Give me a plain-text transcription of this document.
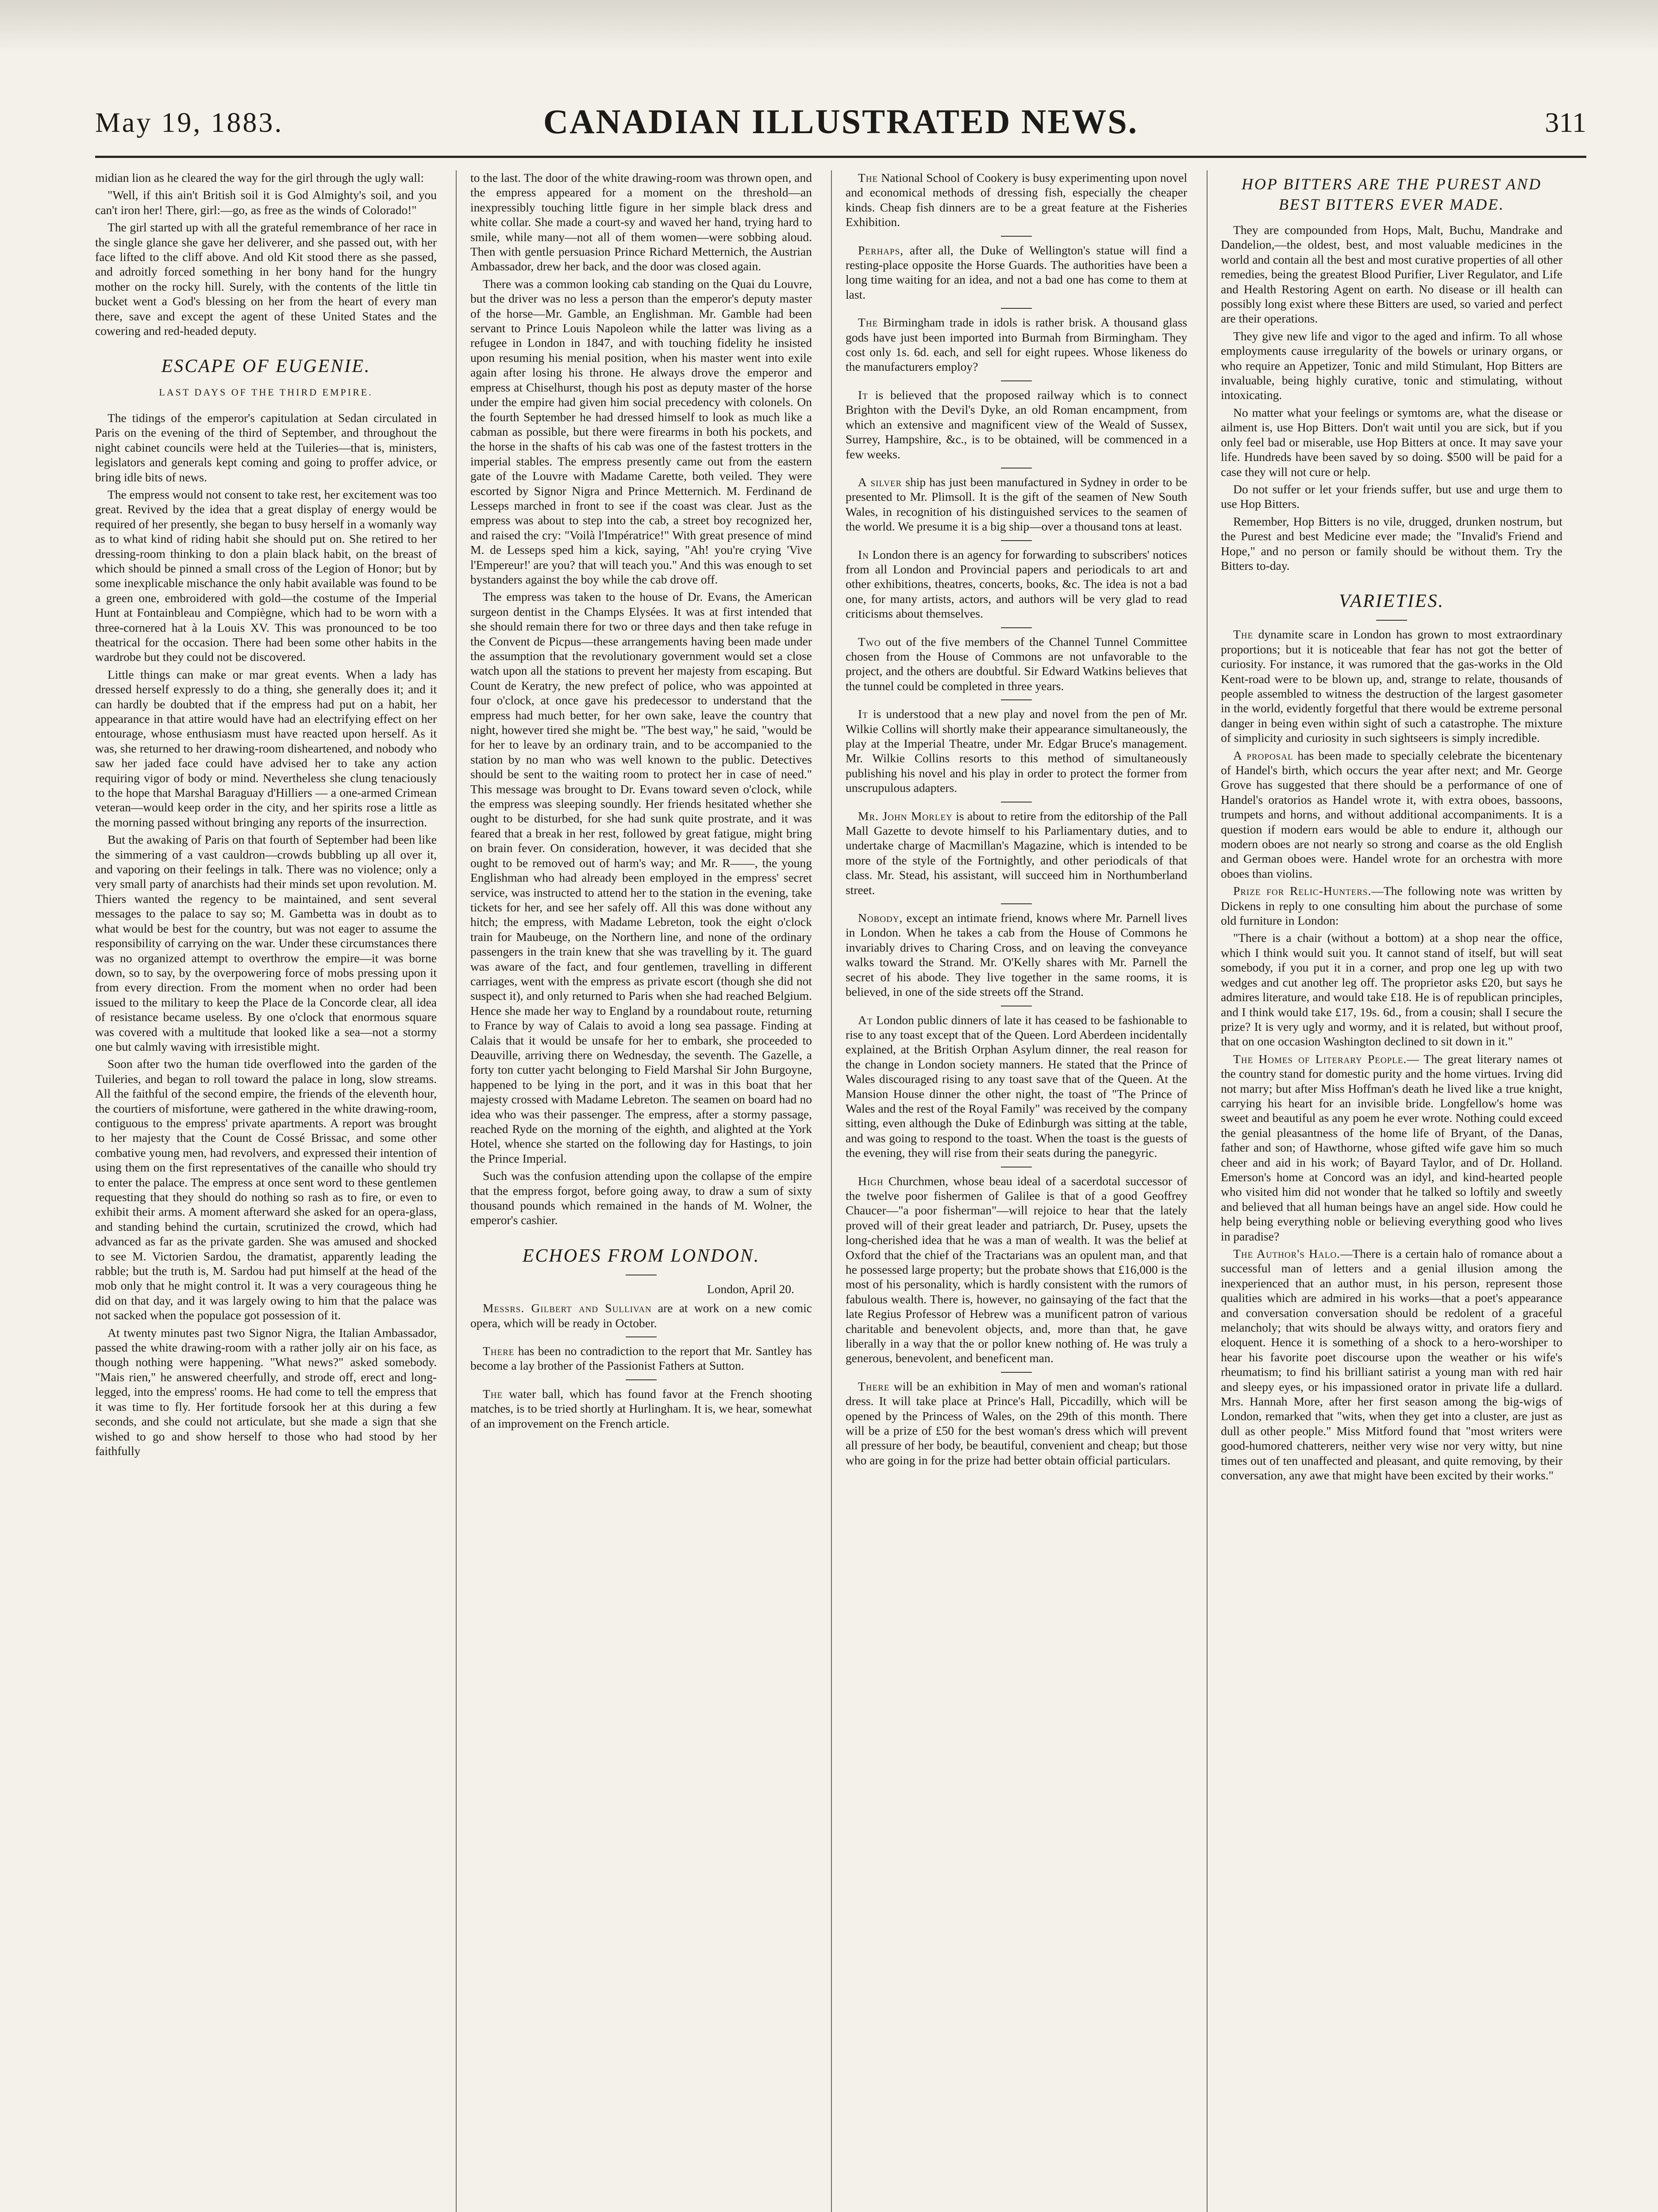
May 19, 1883.	CANADIAN ILLUSTRATED NEWS.	311

midian lion as he cleared the way for the girl through the ugly wall:

"Well, if this ain't British soil it is God Almighty's soil, and you can't iron her! There, girl:—go, as free as the winds of Colorado!"

The girl started up with all the grateful remembrance of her race in the single glance she gave her deliverer, and she passed out, with her face lifted to the cliff above. And old Kit stood there as she passed, and adroitly forced something in her bony hand for the hungry mother on the rocky hill. Surely, with the contents of the little tin bucket went a God's blessing on her from the heart of every man there, save and except the agent of these United States and the cowering and red-headed deputy.

ESCAPE OF EUGENIE.
LAST DAYS OF THE THIRD EMPIRE.

The tidings of the emperor's capitulation at Sedan circulated in Paris on the evening of the third of September, and throughout the night cabinet councils were held at the Tuileries—that is, ministers, legislators and generals kept coming and going to proffer advice, or bring idle bits of news.

The empress would not consent to take rest, her excitement was too great. Revived by the idea that a great display of energy would be required of her presently, she began to busy herself in a womanly way as to what kind of riding habit she should put on. She retired to her dressing-room thinking to don a plain black habit, on the breast of which should be pinned a small cross of the Legion of Honor; but by some inexplicable mischance the only habit available was found to be a green one, embroidered with gold—the costume of the Imperial Hunt at Fontainbleau and Compiègne, which had to be worn with a three-cornered hat à la Louis XV. This was pronounced to be too theatrical for the occasion. There had been some other habits in the wardrobe but they could not be discovered.

Little things can make or mar great events. When a lady has dressed herself expressly to do a thing, she generally does it; and it can hardly be doubted that if the empress had put on a habit, her appearance in that attire would have had an electrifying effect on her entourage, whose enthusiasm must have reacted upon herself. As it was, she returned to her drawing-room disheartened, and nobody who saw her jaded face could have advised her to take any action requiring vigor of body or mind. Nevertheless she clung tenaciously to the hope that Marshal Baraguay d'Hilliers — a one-armed Crimean veteran—would keep order in the city, and her spirits rose a little as the morning passed without bringing any reports of the insurrection.

But the awaking of Paris on that fourth of September had been like the simmering of a vast cauldron—crowds bubbling up all over it, and vaporing on their feelings in talk. There was no violence; only a very small party of anarchists had their minds set upon revolution. M. Thiers wanted the regency to be maintained, and sent several messages to the palace to say so; M. Gambetta was in doubt as to what would be best for the country, but was not eager to assume the responsibility of carrying on the war. Under these circumstances there was no organized attempt to overthrow the empire—it was borne down, so to say, by the overpowering force of mobs pressing upon it from every direction. From the moment when no order had been issued to the military to keep the Place de la Concorde clear, all idea of resistance became useless. By one o'clock that enormous square was covered with a multitude that looked like a sea—not a stormy one but calmly waving with irresistible might.

Soon after two the human tide overflowed into the garden of the Tuileries, and began to roll toward the palace in long, slow streams. All the faithful of the second empire, the friends of the eleventh hour, the courtiers of misfortune, were gathered in the white drawing-room, contiguous to the empress' private apartments. A report was brought to her majesty that the Count de Cossé Brissac, and some other combative young men, had revolvers, and expressed their intention of using them on the first representatives of the canaille who should try to enter the palace. The empress at once sent word to these gentlemen requesting that they should do nothing so rash as to fire, or even to exhibit their arms. A moment afterward she asked for an opera-glass, and standing behind the curtain, scrutinized the crowd, which had advanced as far as the private garden. She was amused and shocked to see M. Victorien Sardou, the dramatist, apparently leading the rabble; but the truth is, M. Sardou had put himself at the head of the mob only that he might control it. It was a very courageous thing he did on that day, and it was largely owing to him that the palace was not sacked when the populace got possession of it.

At twenty minutes past two Signor Nigra, the Italian Ambassador, passed the white drawing-room with a rather jolly air on his face, as though nothing were happening. "What news?" asked somebody. "Mais rien," he answered cheerfully, and strode off, erect and long-legged, into the empress' rooms. He had come to tell the empress that it was time to fly. Her fortitude forsook her at this during a few seconds, and she could not articulate, but she made a sign that she wished to go and show herself to those who had stood by her faithfully

to the last. The door of the white drawing-room was thrown open, and the empress appeared for a moment on the threshold—an inexpressibly touching little figure in her simple black dress and white collar. She made a court-sy and waved her hand, trying hard to smile, while many—not all of them women—were sobbing aloud. Then with gentle persuasion Prince Richard Metternich, the Austrian Ambassador, drew her back, and the door was closed again.

There was a common looking cab standing on the Quai du Louvre, but the driver was no less a person than the emperor's deputy master of the horse—Mr. Gamble, an Englishman. Mr. Gamble had been servant to Prince Louis Napoleon while the latter was living as a refugee in London in 1847, and with touching fidelity he insisted upon resuming his menial position, when his master went into exile again after losing his throne. He always drove the emperor and empress at Chiselhurst, though his post as deputy master of the horse under the empire had given him social precedency with colonels. On the fourth September he had dressed himself to look as much like a cabman as possible, but there were firearms in both his pockets, and the horse in the shafts of his cab was one of the fastest trotters in the imperial stables. The empress presently came out from the eastern gate of the Louvre with Madame Carette, both veiled. They were escorted by Signor Nigra and Prince Metternich. M. Ferdinand de Lesseps marched in front to see if the coast was clear. Just as the empress was about to step into the cab, a street boy recognized her, and raised the cry: "Voilà l'Impératrice!" With great presence of mind M. de Lesseps sped him a kick, saying, "Ah! you're crying 'Vive l'Empereur!' are you? that will teach you." And this was enough to set bystanders against the boy while the cab drove off.

The empress was taken to the house of Dr. Evans, the American surgeon dentist in the Champs Elysées. It was at first intended that she should remain there for two or three days and then take refuge in the Convent de Picpus—these arrangements having been made under the assumption that the revolutionary government would set a close watch upon all the stations to prevent her majesty from escaping. But Count de Keratry, the new prefect of police, who was appointed at four o'clock, at once gave his predecessor to understand that the empress had much better, for her own sake, leave the country that night, however tired she might be. "The best way," he said, "would be for her to leave by an ordinary train, and to be accompanied to the station by no man who was well known to the public. Detectives should be sent to the waiting room to protect her in case of need." This message was brought to Dr. Evans toward seven o'clock, while the empress was sleeping soundly. Her friends hesitated whether she ought to be disturbed, for she had sunk quite prostrate, and it was feared that a break in her rest, followed by great fatigue, might bring on brain fever. On consideration, however, it was decided that she ought to be removed out of harm's way; and Mr. R——, the young Englishman who had already been employed in the empress' secret service, was instructed to attend her to the station in the evening, take tickets for her, and see her safely off. All this was done without any hitch; the empress, with Madame Lebreton, took the eight o'clock train for Maubeuge, on the Northern line, and none of the ordinary passengers in the train knew that she was travelling by it. The guard was aware of the fact, and four gentlemen, travelling in different carriages, went with the empress as private escort (though she did not suspect it), and only returned to Paris when she had reached Belgium. Hence she made her way to England by a roundabout route, returning to France by way of Calais to avoid a long sea passage. Finding at Calais that it would be unsafe for her to embark, she proceeded to Deauville, arriving there on Wednesday, the seventh. The Gazelle, a forty ton cutter yacht belonging to Field Marshal Sir John Burgoyne, happened to be lying in the port, and it was in this boat that her majesty crossed with Madame Lebreton. The seamen on board had no idea who was their passenger. The empress, after a stormy passage, reached Ryde on the morning of the eighth, and alighted at the York Hotel, whence she started on the following day for Hastings, to join the Prince Imperial.

Such was the confusion attending upon the collapse of the empire that the empress forgot, before going away, to draw a sum of sixty thousand pounds which remained in the hands of M. Wolner, the emperor's cashier.

ECHOES FROM LONDON.
London, April 20.

Messrs. Gilbert and Sullivan are at work on a new comic opera, which will be ready in October.

There has been no contradiction to the report that Mr. Santley has become a lay brother of the Passionist Fathers at Sutton.

The water ball, which has found favor at the French shooting matches, is to be tried shortly at Hurlingham. It is, we hear, somewhat of an improvement on the French article.

The National School of Cookery is busy experimenting upon novel and economical methods of dressing fish, especially the cheaper kinds. Cheap fish dinners are to be a great feature at the Fisheries Exhibition.

Perhaps, after all, the Duke of Wellington's statue will find a resting-place opposite the Horse Guards. The authorities have been a long time waiting for an idea, and not a bad one has come to them at last.

The Birmingham trade in idols is rather brisk. A thousand glass gods have just been imported into Burmah from Birmingham. They cost only 1s. 6d. each, and sell for eight rupees. Whose likeness do the manufacturers employ?

It is believed that the proposed railway which is to connect Brighton with the Devil's Dyke, an old Roman encampment, from which an extensive and magnificent view of the Weald of Sussex, Surrey, Hampshire, &c., is to be obtained, will be commenced in a few weeks.

A silver ship has just been manufactured in Sydney in order to be presented to Mr. Plimsoll. It is the gift of the seamen of New South Wales, in recognition of his distinguished services to the seamen of the world. We presume it is a big ship—over a thousand tons at least.

In London there is an agency for forwarding to subscribers' notices from all London and Provincial papers and periodicals to art and other exhibitions, theatres, concerts, books, &c. The idea is not a bad one, for many artists, actors, and authors will be very glad to read criticisms about themselves.

Two out of the five members of the Channel Tunnel Committee chosen from the House of Commons are not unfavorable to the project, and the others are doubtful. Sir Edward Watkins believes that the tunnel could be completed in three years.

It is understood that a new play and novel from the pen of Mr. Wilkie Collins will shortly make their appearance simultaneously, the play at the Imperial Theatre, under Mr. Edgar Bruce's management. Mr. Wilkie Collins resorts to this method of simultaneously publishing his novel and his play in order to protect the former from unscrupulous adapters.

Mr. John Morley is about to retire from the editorship of the Pall Mall Gazette to devote himself to his Parliamentary duties, and to undertake charge of Macmillan's Magazine, which is intended to be more of the style of the Fortnightly, and other periodicals of that class. Mr. Stead, his assistant, will succeed him in Northumberland street.

Nobody, except an intimate friend, knows where Mr. Parnell lives in London. When he takes a cab from the House of Commons he invariably drives to Charing Cross, and on leaving the conveyance walks toward the Strand. Mr. O'Kelly shares with Mr. Parnell the secret of his abode. They live together in the same rooms, it is believed, in one of the side streets off the Strand.

At London public dinners of late it has ceased to be fashionable to rise to any toast except that of the Queen. Lord Aberdeen incidentally explained, at the British Orphan Asylum dinner, the real reason for the change in London society manners. He stated that the Prince of Wales discouraged rising to any toast save that of the Queen. At the Mansion House dinner the other night, the toast of "The Prince of Wales and the rest of the Royal Family" was received by the company sitting, even although the Duke of Edinburgh was sitting at the table, and was going to respond to the toast. When the toast is the guests of the evening, they will rise from their seats during the panegyric.

High Churchmen, whose beau ideal of a sacerdotal successor of the twelve poor fishermen of Galilee is that of a good Geoffrey Chaucer—"a poor fisherman"—will rejoice to hear that the lately proved will of their great leader and patriarch, Dr. Pusey, upsets the long-cherished idea that he was a man of wealth. It was the belief at Oxford that the chief of the Tractarians was an opulent man, and that he possessed large property; but the probate shows that £16,000 is the most of his personality, which is hardly consistent with the rumors of fabulous wealth. There is, however, no gainsaying of the fact that the late Regius Professor of Hebrew was a munificent patron of various charitable and benevolent objects, and, more than that, he gave liberally in a way that the or pollor knew nothing of. He was truly a generous, benevolent, and beneficent man.

There will be an exhibition in May of men and woman's rational dress. It will take place at Prince's Hall, Piccadilly, which will be opened by the Princess of Wales, on the 29th of this month. There will be a prize of £50 for the best woman's dress which will prevent all pressure of her body, be beautiful, convenient and cheap; but those who are going in for the prize had better obtain official particulars.

HOP BITTERS ARE THE PUREST AND BEST BITTERS EVER MADE.

They are compounded from Hops, Malt, Buchu, Mandrake and Dandelion,—the oldest, best, and most valuable medicines in the world and contain all the best and most curative properties of all other remedies, being the greatest Blood Purifier, Liver Regulator, and Life and Health Restoring Agent on earth. No disease or ill health can possibly long exist where these Bitters are used, so varied and perfect are their operations.

They give new life and vigor to the aged and infirm. To all whose employments cause irregularity of the bowels or urinary organs, or who require an Appetizer, Tonic and mild Stimulant, Hop Bitters are invaluable, being highly curative, tonic and stimulating, without intoxicating.

No matter what your feelings or symtoms are, what the disease or ailment is, use Hop Bitters. Don't wait until you are sick, but if you only feel bad or miserable, use Hop Bitters at once. It may save your life. Hundreds have been saved by so doing. $500 will be paid for a case they will not cure or help.

Do not suffer or let your friends suffer, but use and urge them to use Hop Bitters.

Remember, Hop Bitters is no vile, drugged, drunken nostrum, but the Purest and best Medicine ever made; the "Invalid's Friend and Hope," and no person or family should be without them. Try the Bitters to-day.

VARIETIES.

The dynamite scare in London has grown to most extraordinary proportions; but it is noticeable that fear has not got the better of curiosity. For instance, it was rumored that the gas-works in the Old Kent-road were to be blown up, and, strange to relate, thousands of people assembled to witness the destruction of the largest gasometer in the world, evidently forgetful that there would be extreme personal danger in being even within sight of such a catastrophe. The mixture of simplicity and curiosity in such sightseers is simply incredible.

A proposal has been made to specially celebrate the bicentenary of Handel's birth, which occurs the year after next; and Mr. George Grove has suggested that there should be a performance of one of Handel's oratorios as Handel wrote it, with extra oboes, bassoons, trumpets and horns, and without additional accompaniments. It is a question if modern ears would be able to endure it, although our modern oboes are not nearly so strong and coarse as the old English and German oboes were. Handel wrote for an orchestra with more oboes than violins.

Prize for Relic-Hunters.—The following note was written by Dickens in reply to one consulting him about the purchase of some old furniture in London:

"There is a chair (without a bottom) at a shop near the office, which I think would suit you. It cannot stand of itself, but will seat somebody, if you put it in a corner, and prop one leg up with two wedges and cut another leg off. The proprietor asks £20, but says he admires literature, and would take £18. He is of republican principles, and I think would take £17, 19s. 6d., from a cousin; shall I secure the prize? It is very ugly and wormy, and it is related, but without proof, that on one occasion Washington declined to sit down in it."

The Homes of Literary People.— The great literary names ot the country stand for domestic purity and the home virtues. Irving did not marry; but after Miss Hoffman's death he lived like a true knight, carrying his heart for an invisible bride. Longfellow's home was sweet and beautiful as any poem he ever wrote. Nothing could exceed the genial pleasantness of the home life of Bryant, of the Danas, father and son; of Hawthorne, whose gifted wife gave him so much cheer and aid in his work; of Bayard Taylor, and of Dr. Holland. Emerson's home at Concord was an idyl, and kind-hearted people who visited him did not wonder that he talked so loftily and sweetly and believed that all human beings have an angel side. How could he help being everything noble or believing everything good who lives in paradise?

The Author's Halo.—There is a certain halo of romance about a successful man of letters and a genial illusion among the inexperienced that an author must, in his person, represent those qualities which are admired in his works—that a poet's appearance and conversation conversation should be redolent of a graceful melancholy; that wits should be always witty, and orators fiery and eloquent. Hence it is something of a shock to a hero-worshiper to hear his favorite poet discourse upon the weather or his wife's rheumatism; to find his brilliant satirist a young man with red hair and sleepy eyes, or his impassioned orator in private life a dullard. Mrs. Hannah More, after her first season among the big-wigs of London, remarked that "wits, when they get into a cluster, are just as dull as other people." Miss Mitford found that "most writers were good-humored chatterers, neither very wise nor very witty, but nine times out of ten unaffected and pleasant, and quite removing, by their conversation, any awe that might have been excited by their works."
